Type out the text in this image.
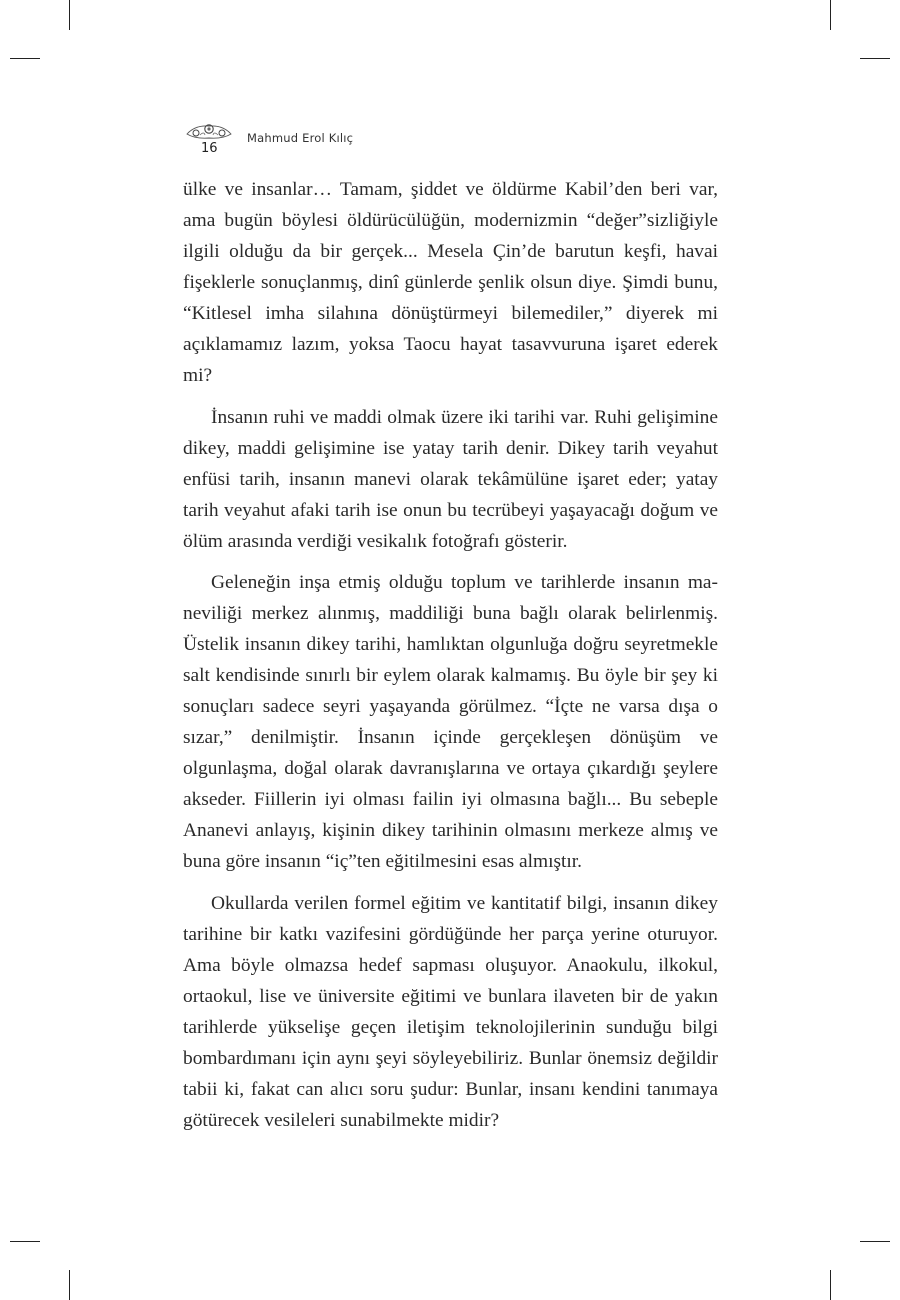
16
Mahmud Erol Kılıç

ülke ve insanlar… Tamam, şiddet ve öldürme Kabil’den beri var, ama bugün böylesi öldürücülüğün, modernizmin “değer”sizliğiyle ilgili olduğu da bir gerçek... Mesela Çin’de barutun keşfi, havai fişeklerle sonuçlanmış, dinî günlerde şenlik olsun diye. Şimdi bunu, “Kitlesel imha silahına dönüştürmeyi bilemediler,” diyerek mi açıklamamız lazım, yoksa Taocu hayat tasavvuruna işaret ederek mi?

İnsanın ruhi ve maddi olmak üzere iki tarihi var. Ruhi gelişimine dikey, maddi gelişimine ise yatay tarih denir. Dikey tarih veyahut enfüsi tarih, insanın manevi olarak tekâmülüne işaret eder; yatay tarih veyahut afaki tarih ise onun bu tecrübeyi yaşayacağı doğum ve ölüm arasında verdiği vesikalık fotoğrafı gösterir.

Geleneğin inşa etmiş olduğu toplum ve tarihlerde insanın maneviliği merkez alınmış, maddiliği buna bağlı olarak belirlenmiş. Üstelik insanın dikey tarihi, hamlıktan olgunluğa doğru seyretmekle salt kendisinde sınırlı bir eylem olarak kalmamış. Bu öyle bir şey ki sonuçları sadece seyri yaşayanda görülmez. “İçte ne varsa dışa o sızar,” denilmiştir. İnsanın içinde gerçekleşen dönüşüm ve olgunlaşma, doğal olarak davranışlarına ve ortaya çıkardığı şeylere akseder. Fiillerin iyi olması failin iyi olmasına bağlı... Bu sebeple Ananevi anlayış, kişinin dikey tarihinin olmasını merkeze almış ve buna göre insanın “iç”ten eğitilmesini esas almıştır.

Okullarda verilen formel eğitim ve kantitatif bilgi, insanın dikey tarihine bir katkı vazifesini gördüğünde her parça yerine oturuyor. Ama böyle olmazsa hedef sapması oluşuyor. Anaokulu, ilkokul, ortaokul, lise ve üniversite eğitimi ve bunlara ilaveten bir de yakın tarihlerde yükselişe geçen iletişim teknolojilerinin sunduğu bilgi bombardımanı için aynı şeyi söyleyebiliriz. Bunlar önemsiz değildir tabii ki, fakat can alıcı soru şudur: Bunlar, insanı kendini tanımaya götürecek vesileleri sunabilmekte midir?
